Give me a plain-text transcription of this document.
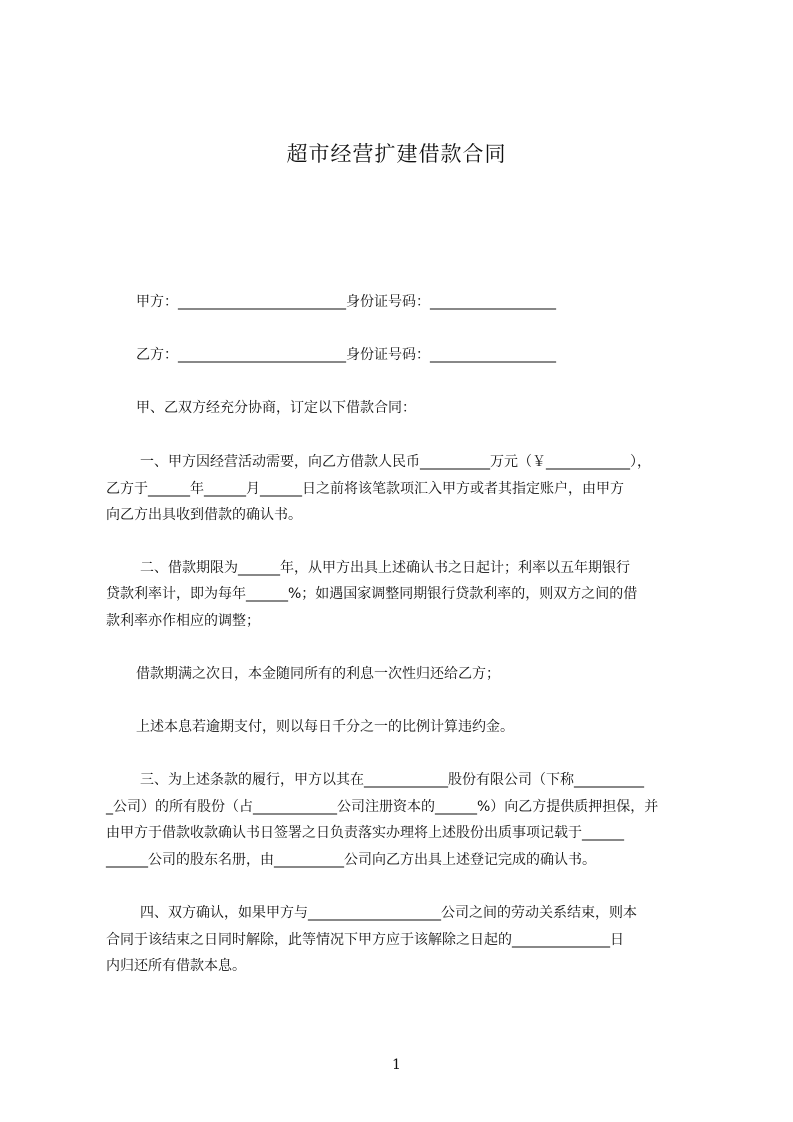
超市经营扩建借款合同
甲方：________________________身份证号码：__________________
乙方：________________________身份证号码：__________________
甲、乙双方经充分协商，订定以下借款合同：
一、甲方因经营活动需要，向乙方借款人民币__________万元（￥____________），
乙方于______年______月______日之前将该笔款项汇入甲方或者其指定账户，由甲方
向乙方出具收到借款的确认书。
二、借款期限为______年，从甲方出具上述确认书之日起计；利率以五年期银行
贷款利率计，即为每年______%；如遇国家调整同期银行贷款利率的，则双方之间的借
款利率亦作相应的调整；
借款期满之次日，本金随同所有的利息一次性归还给乙方；
上述本息若逾期支付，则以每日千分之一的比例计算违约金。
三、为上述条款的履行，甲方以其在____________股份有限公司（下称__________
_公司）的所有股份（占____________公司注册资本的______%）向乙方提供质押担保，并
由甲方于借款收款确认书日签署之日负责落实办理将上述股份出质事项记载于______
______公司的股东名册，由__________公司向乙方出具上述登记完成的确认书。
四、双方确认，如果甲方与___________________公司之间的劳动关系结束，则本
合同于该结束之日同时解除，此等情况下甲方应于该解除之日起的______________日
内归还所有借款本息。
1
